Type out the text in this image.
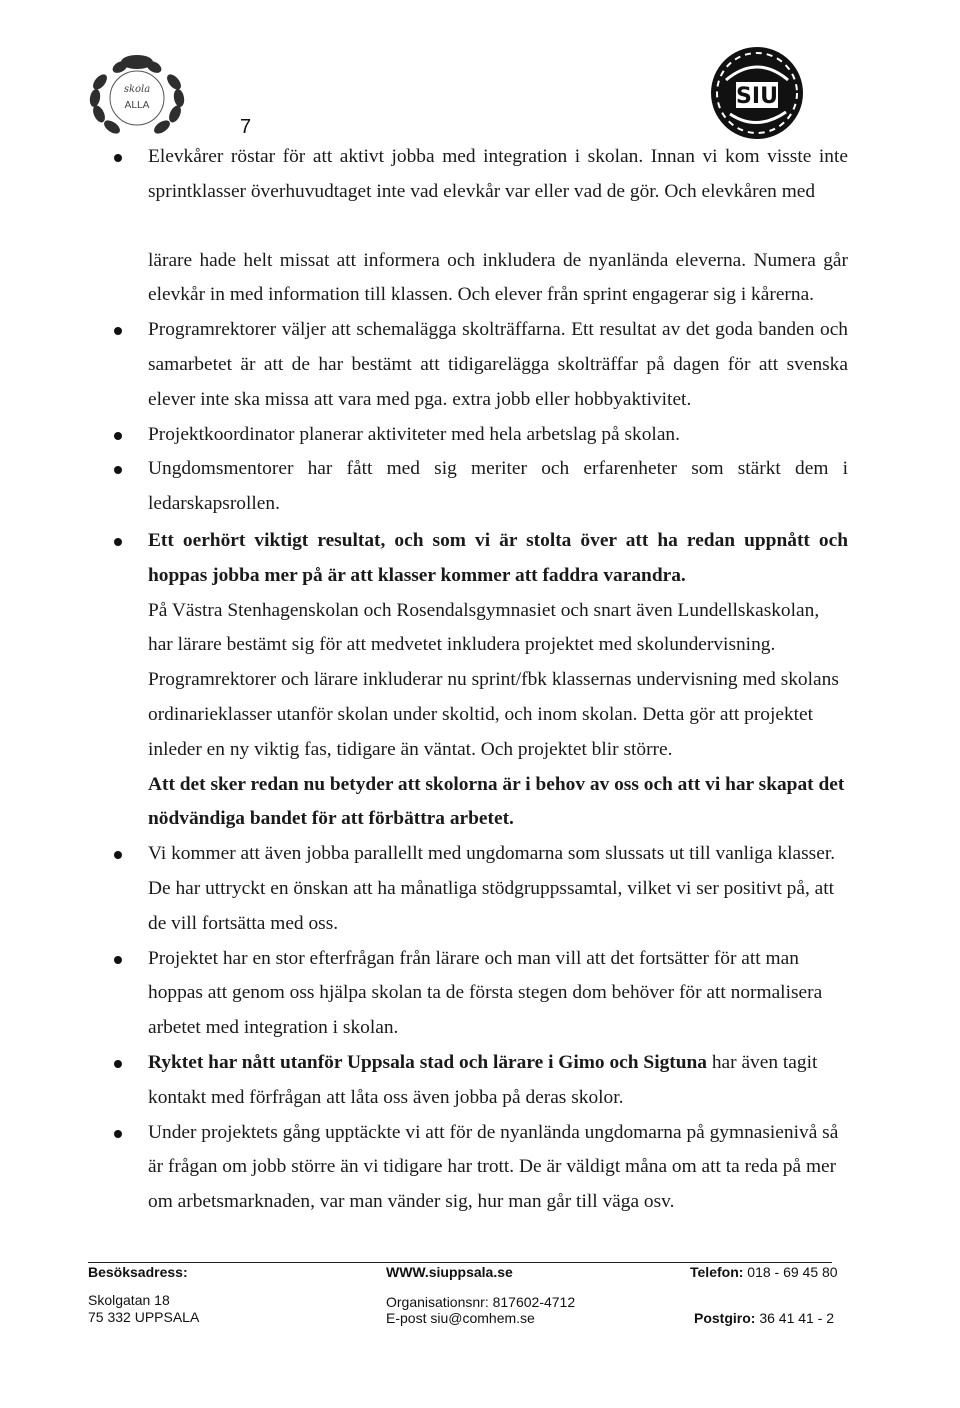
skola
ALLA
7
SIU
Elevkårer röstar för att aktivt jobba med integration i skolan. Innan vi kom visste inte sprintklasser överhuvudtaget inte vad elevkår var eller vad de gör. Och elevkåren med
lärare hade helt missat att informera och inkludera de nyanlända eleverna. Numera går elevkår in med information till klassen. Och elever från sprint engagerar sig i kårerna.
Programrektorer väljer att schemalägga skolträffarna. Ett resultat av det goda banden och samarbetet är att de har bestämt att tidigarelägga skolträffar på dagen för att svenska elever inte ska missa att vara med pga. extra jobb eller hobbyaktivitet.
Projektkoordinator planerar aktiviteter med hela arbetslag på skolan.
Ungdomsmentorer har fått med sig meriter och erfarenheter som stärkt dem i ledarskapsrollen.
Ett oerhört viktigt resultat, och som vi är stolta över att ha redan uppnått och hoppas jobba mer på är att klasser kommer att faddra varandra.
På Västra Stenhagenskolan och Rosendalsgymnasiet och snart även Lundellskaskolan, har lärare bestämt sig för att medvetet inkludera projektet med skolundervisning.
Programrektorer och lärare inkluderar nu sprint/fbk klassernas undervisning med skolans ordinarieklasser utanför skolan under skoltid, och inom skolan. Detta gör att projektet inleder en ny viktig fas, tidigare än väntat. Och projektet blir större.
Att det sker redan nu betyder att skolorna är i behov av oss och att vi har skapat det nödvändiga bandet för att förbättra arbetet.
Vi kommer att även jobba parallellt med ungdomarna som slussats ut till vanliga klasser. De har uttryckt en önskan att ha månatliga stödgruppssamtal, vilket vi ser positivt på, att de vill fortsätta med oss.
Projektet har en stor efterfrågan från lärare och man vill att det fortsätter för att man hoppas att genom oss hjälpa skolan ta de första stegen dom behöver för att normalisera arbetet med integration i skolan.
Ryktet har nått utanför Uppsala stad och lärare i Gimo och Sigtuna har även tagit kontakt med förfrågan att låta oss även jobba på deras skolor.
Under projektets gång upptäckte vi att för de nyanlända ungdomarna på gymnasienivå så är frågan om jobb större än vi tidigare har trott. De är väldigt måna om att ta reda på mer om arbetsmarknaden, var man vänder sig, hur man går till väga osv.
Besöksadress:
Skolgatan 18
75 332 UPPSALA
WWW.siuppsala.se
Organisationsnr: 817602-4712
E-post siu@comhem.se
Telefon: 018 - 69 45 80
Postgiro: 36 41 41 - 2
